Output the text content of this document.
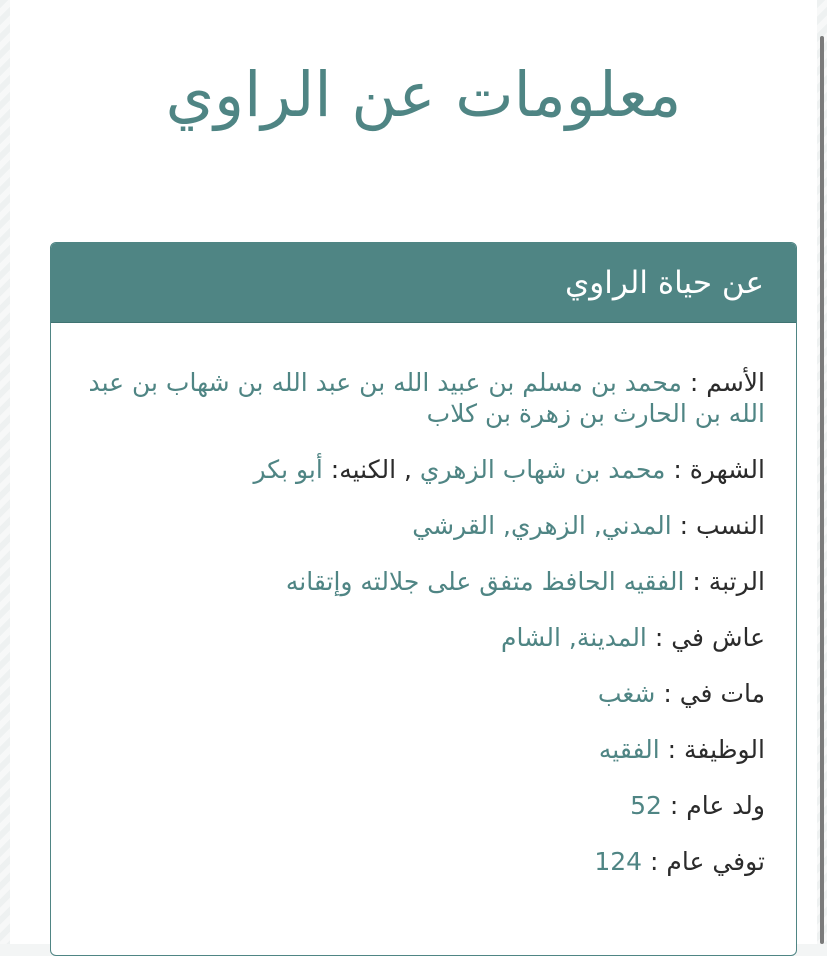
معلومات عن الراوي
عن حياة الراوي
الأسم : محمد بن مسلم بن عبيد الله بن عبد الله بن شهاب بن عبد الله بن الحارث بن زهرة بن كلاب
الشهرة : محمد بن شهاب الزهري , الكنيه: أبو بكر
النسب : المدني, الزهري, القرشي
الرتبة : الفقيه الحافظ متفق على جلالته وإتقانه
عاش في : المدينة, الشام
مات في : شغب
الوظيفة : الفقيه
ولد عام : 52
توفي عام : 124
